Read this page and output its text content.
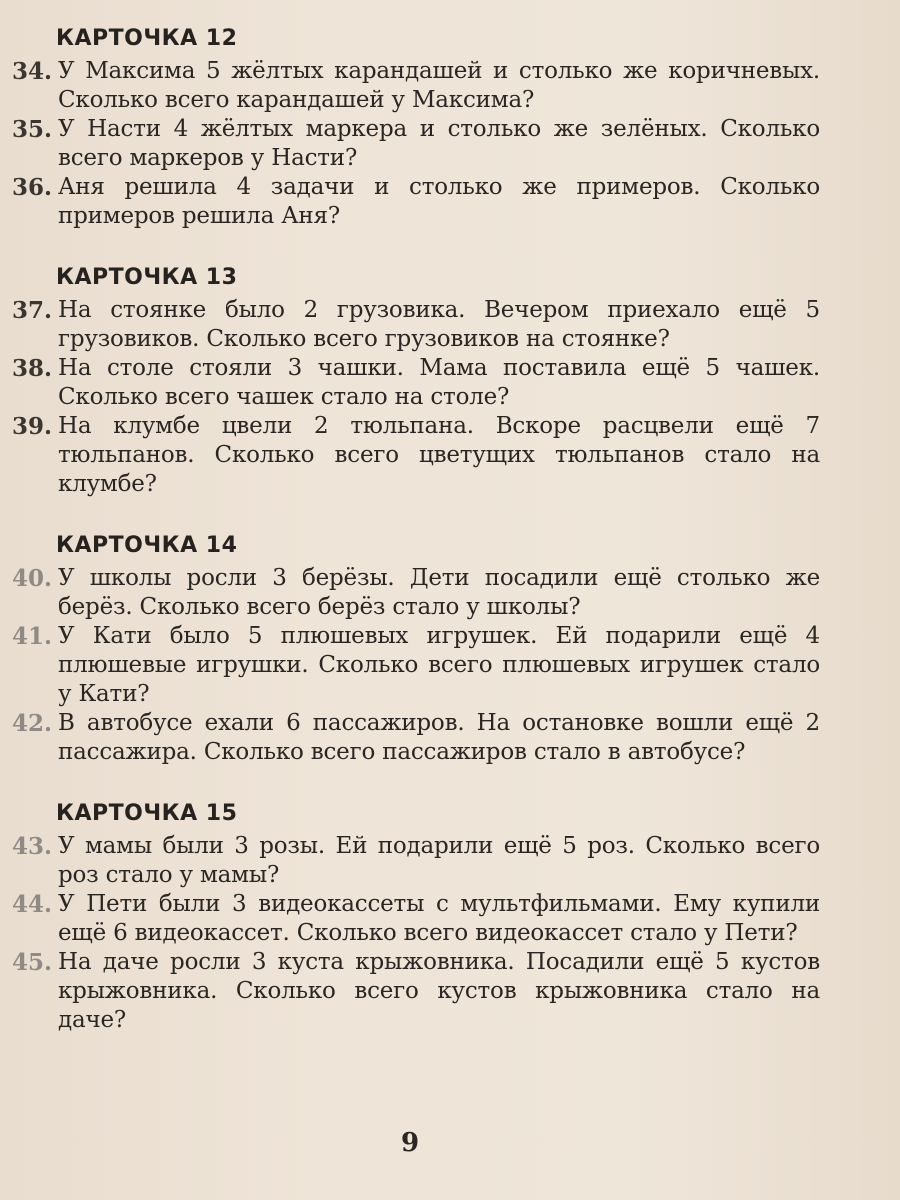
КАРТОЧКА 12
34. У Максима 5 жёлтых карандашей и столько же коричневых. Сколько всего карандашей у Максима?
35. У Насти 4 жёлтых маркера и столько же зелёных. Сколько всего маркеров у Насти?
36. Аня решила 4 задачи и столько же примеров. Сколько примеров решила Аня?
КАРТОЧКА 13
37. На стоянке было 2 грузовика. Вечером приехало ещё 5 грузовиков. Сколько всего грузовиков на стоянке?
38. На столе стояли 3 чашки. Мама поставила ещё 5 чашек. Сколько всего чашек стало на столе?
39. На клумбе цвели 2 тюльпана. Вскоре расцвели ещё 7 тюльпанов. Сколько всего цветущих тюльпанов стало на клумбе?
КАРТОЧКА 14
40. У школы росли 3 берёзы. Дети посадили ещё столько же берёз. Сколько всего берёз стало у школы?
41. У Кати было 5 плюшевых игрушек. Ей подарили ещё 4 плюшевые игрушки. Сколько всего плюшевых игрушек стало у Кати?
42. В автобусе ехали 6 пассажиров. На остановке вошли ещё 2 пассажира. Сколько всего пассажиров стало в автобусе?
КАРТОЧКА 15
43. У мамы были 3 розы. Ей подарили ещё 5 роз. Сколько всего роз стало у мамы?
44. У Пети были 3 видеокассеты с мультфильмами. Ему купили ещё 6 видеокассет. Сколько всего видеокассет стало у Пети?
45. На даче росли 3 куста крыжовника. Посадили ещё 5 кустов крыжовника. Сколько всего кустов крыжовника стало на даче?
9
